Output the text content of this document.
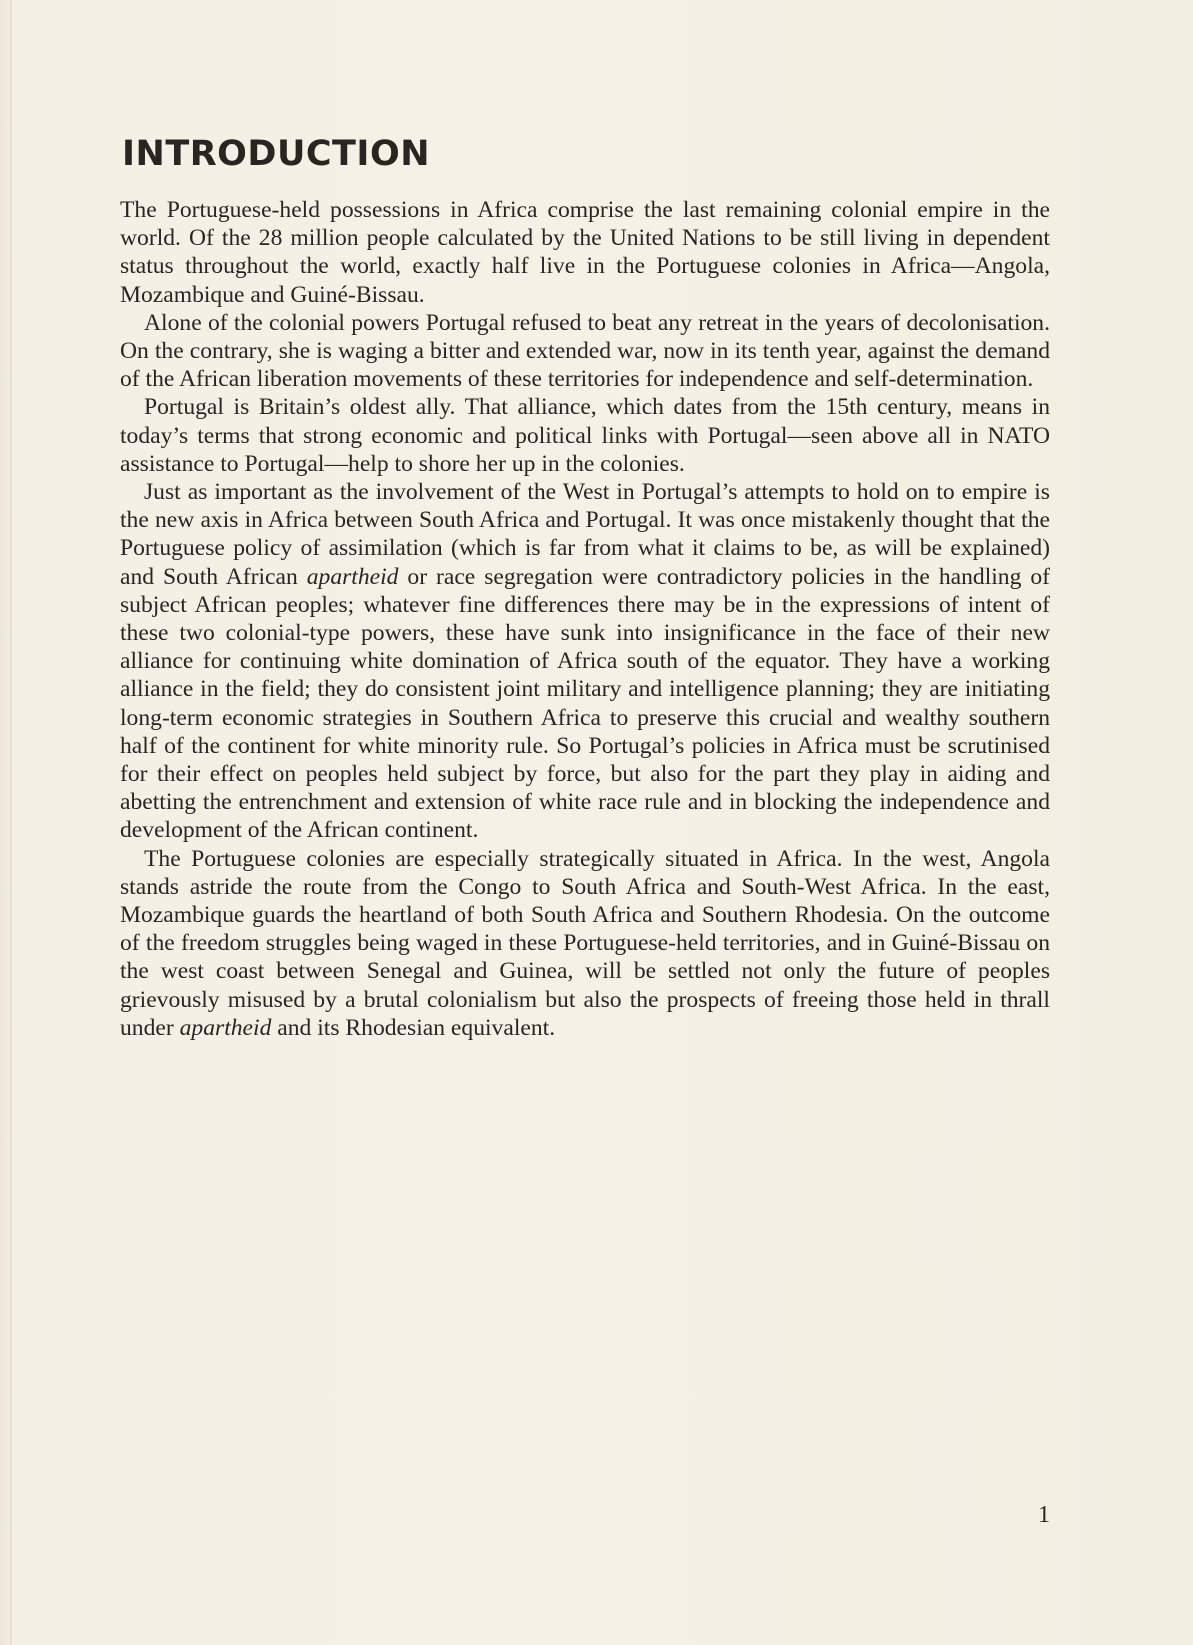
INTRODUCTION

The Portuguese-held possessions in Africa comprise the last remaining colonial empire in the world. Of the 28 million people calculated by the United Nations to be still living in dependent status throughout the world, exactly half live in the Portuguese colonies in Africa—Angola, Mozambique and Guiné-Bissau.

Alone of the colonial powers Portugal refused to beat any retreat in the years of decolonisation. On the contrary, she is waging a bitter and extended war, now in its tenth year, against the demand of the African liberation movements of these territories for independence and self-determination.

Portugal is Britain’s oldest ally. That alliance, which dates from the 15th century, means in today’s terms that strong economic and political links with Portugal—seen above all in NATO assistance to Portugal—help to shore her up in the colonies.

Just as important as the involvement of the West in Portugal’s attempts to hold on to empire is the new axis in Africa between South Africa and Portugal. It was once mistakenly thought that the Portuguese policy of assimilation (which is far from what it claims to be, as will be explained) and South African apartheid or race segregation were contradictory policies in the handling of subject African peoples; whatever fine differences there may be in the expressions of intent of these two colonial-type powers, these have sunk into insignificance in the face of their new alliance for continuing white domination of Africa south of the equator. They have a working alliance in the field; they do consistent joint military and intelligence planning; they are initiating long-term economic strategies in Southern Africa to preserve this crucial and wealthy southern half of the continent for white minority rule. So Portugal’s policies in Africa must be scrutinised for their effect on peoples held subject by force, but also for the part they play in aiding and abetting the entrenchment and extension of white race rule and in blocking the independence and development of the African continent.

The Portuguese colonies are especially strategically situated in Africa. In the west, Angola stands astride the route from the Congo to South Africa and South-West Africa. In the east, Mozambique guards the heartland of both South Africa and Southern Rhodesia. On the outcome of the freedom struggles being waged in these Portuguese-held territories, and in Guiné-Bissau on the west coast between Senegal and Guinea, will be settled not only the future of peoples grievously misused by a brutal colonialism but also the prospects of freeing those held in thrall under apartheid and its Rhodesian equivalent.

1
